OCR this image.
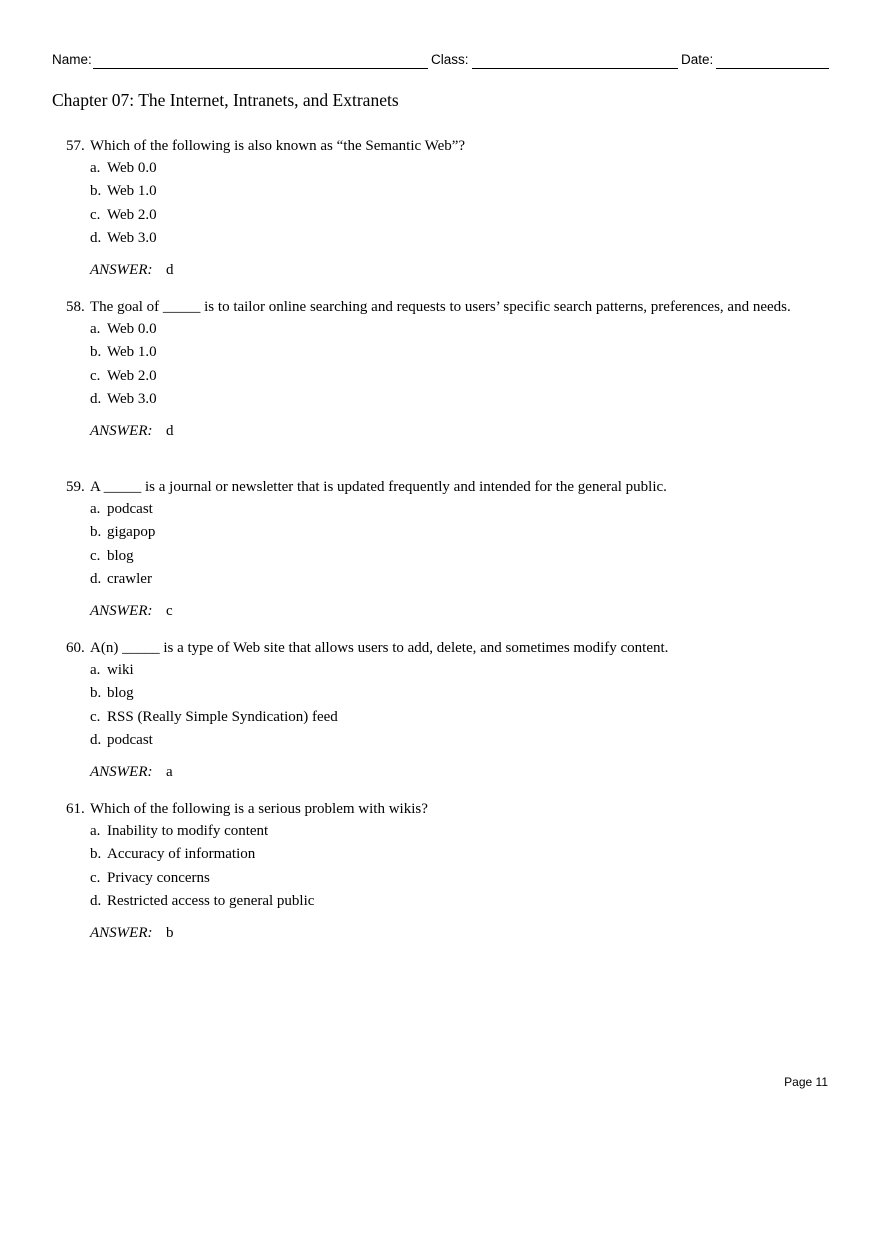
Name:	Class:	Date:
Chapter 07: The Internet, Intranets, and Extranets
57. Which of the following is also known as “the Semantic Web”?
a. Web 0.0
b. Web 1.0
c. Web 2.0
d. Web 3.0
ANSWER: d
58. The goal of _____ is to tailor online searching and requests to users’ specific search patterns, preferences, and needs.
a. Web 0.0
b. Web 1.0
c. Web 2.0
d. Web 3.0
ANSWER: d
59. A _____ is a journal or newsletter that is updated frequently and intended for the general public.
a. podcast
b. gigapop
c. blog
d. crawler
ANSWER: c
60. A(n) _____ is a type of Web site that allows users to add, delete, and sometimes modify content.
a. wiki
b. blog
c. RSS (Really Simple Syndication) feed
d. podcast
ANSWER: a
61. Which of the following is a serious problem with wikis?
a. Inability to modify content
b. Accuracy of information
c. Privacy concerns
d. Restricted access to general public
ANSWER: b
Page 11
